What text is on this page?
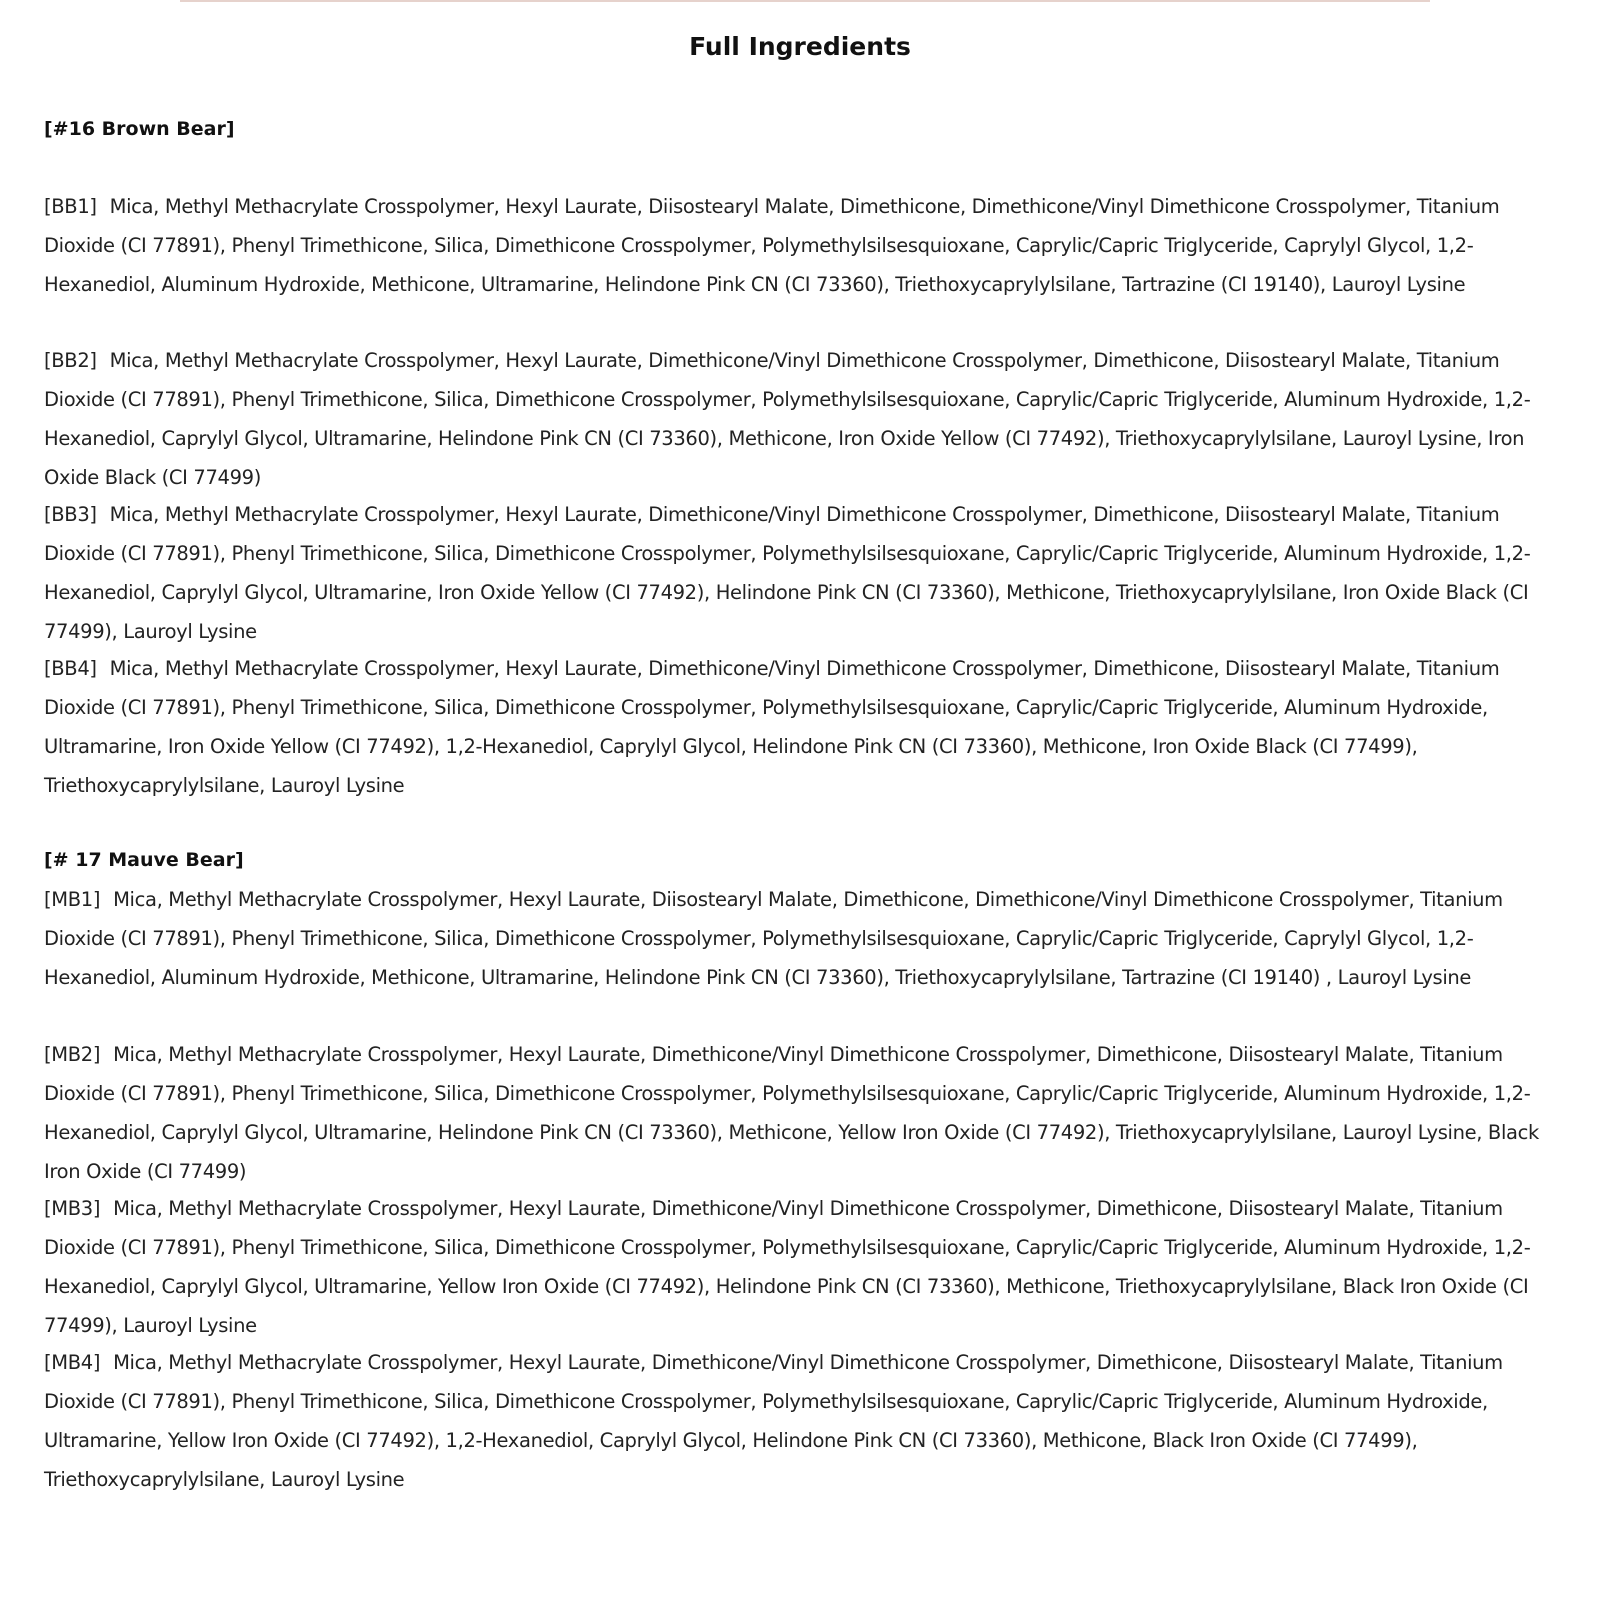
Full Ingredients
[#16 Brown Bear]

[BB1] Mica, Methyl Methacrylate Crosspolymer, Hexyl Laurate, Diisostearyl Malate, Dimethicone, Dimethicone/Vinyl Dimethicone Crosspolymer, Titanium Dioxide (CI 77891), Phenyl Trimethicone, Silica, Dimethicone Crosspolymer, Polymethylsilsesquioxane, Caprylic/Capric Triglyceride, Caprylyl Glycol, 1,2-Hexanediol, Aluminum Hydroxide, Methicone, Ultramarine, Helindone Pink CN (CI 73360), Triethoxycaprylylsilane, Tartrazine (CI 19140), Lauroyl Lysine

[BB2] Mica, Methyl Methacrylate Crosspolymer, Hexyl Laurate, Dimethicone/Vinyl Dimethicone Crosspolymer, Dimethicone, Diisostearyl Malate, Titanium Dioxide (CI 77891), Phenyl Trimethicone, Silica, Dimethicone Crosspolymer, Polymethylsilsesquioxane, Caprylic/Capric Triglyceride, Aluminum Hydroxide, 1,2-Hexanediol, Caprylyl Glycol, Ultramarine, Helindone Pink CN (CI 73360), Methicone, Iron Oxide Yellow (CI 77492), Triethoxycaprylylsilane, Lauroyl Lysine, Iron Oxide Black (CI 77499)

[BB3] Mica, Methyl Methacrylate Crosspolymer, Hexyl Laurate, Dimethicone/Vinyl Dimethicone Crosspolymer, Dimethicone, Diisostearyl Malate, Titanium Dioxide (CI 77891), Phenyl Trimethicone, Silica, Dimethicone Crosspolymer, Polymethylsilsesquioxane, Caprylic/Capric Triglyceride, Aluminum Hydroxide, 1,2-Hexanediol, Caprylyl Glycol, Ultramarine, Iron Oxide Yellow (CI 77492), Helindone Pink CN (CI 73360), Methicone, Triethoxycaprylylsilane, Iron Oxide Black (CI 77499), Lauroyl Lysine

[BB4] Mica, Methyl Methacrylate Crosspolymer, Hexyl Laurate, Dimethicone/Vinyl Dimethicone Crosspolymer, Dimethicone, Diisostearyl Malate, Titanium Dioxide (CI 77891), Phenyl Trimethicone, Silica, Dimethicone Crosspolymer, Polymethylsilsesquioxane, Caprylic/Capric Triglyceride, Aluminum Hydroxide, Ultramarine, Iron Oxide Yellow (CI 77492), 1,2-Hexanediol, Caprylyl Glycol, Helindone Pink CN (CI 73360), Methicone, Iron Oxide Black (CI 77499), Triethoxycaprylylsilane, Lauroyl Lysine

[# 17 Mauve Bear]

[MB1] Mica, Methyl Methacrylate Crosspolymer, Hexyl Laurate, Diisostearyl Malate, Dimethicone, Dimethicone/Vinyl Dimethicone Crosspolymer, Titanium Dioxide (CI 77891), Phenyl Trimethicone, Silica, Dimethicone Crosspolymer, Polymethylsilsesquioxane, Caprylic/Capric Triglyceride, Caprylyl Glycol, 1,2-Hexanediol, Aluminum Hydroxide, Methicone, Ultramarine, Helindone Pink CN (CI 73360), Triethoxycaprylylsilane, Tartrazine (CI 19140) , Lauroyl Lysine

[MB2] Mica, Methyl Methacrylate Crosspolymer, Hexyl Laurate, Dimethicone/Vinyl Dimethicone Crosspolymer, Dimethicone, Diisostearyl Malate, Titanium Dioxide (CI 77891), Phenyl Trimethicone, Silica, Dimethicone Crosspolymer, Polymethylsilsesquioxane, Caprylic/Capric Triglyceride, Aluminum Hydroxide, 1,2-Hexanediol, Caprylyl Glycol, Ultramarine, Helindone Pink CN (CI 73360), Methicone, Yellow Iron Oxide (CI 77492), Triethoxycaprylylsilane, Lauroyl Lysine, Black Iron Oxide (CI 77499)

[MB3] Mica, Methyl Methacrylate Crosspolymer, Hexyl Laurate, Dimethicone/Vinyl Dimethicone Crosspolymer, Dimethicone, Diisostearyl Malate, Titanium Dioxide (CI 77891), Phenyl Trimethicone, Silica, Dimethicone Crosspolymer, Polymethylsilsesquioxane, Caprylic/Capric Triglyceride, Aluminum Hydroxide, 1,2-Hexanediol, Caprylyl Glycol, Ultramarine, Yellow Iron Oxide (CI 77492), Helindone Pink CN (CI 73360), Methicone, Triethoxycaprylylsilane, Black Iron Oxide (CI 77499), Lauroyl Lysine

[MB4] Mica, Methyl Methacrylate Crosspolymer, Hexyl Laurate, Dimethicone/Vinyl Dimethicone Crosspolymer, Dimethicone, Diisostearyl Malate, Titanium Dioxide (CI 77891), Phenyl Trimethicone, Silica, Dimethicone Crosspolymer, Polymethylsilsesquioxane, Caprylic/Capric Triglyceride, Aluminum Hydroxide, Ultramarine, Yellow Iron Oxide (CI 77492), 1,2-Hexanediol, Caprylyl Glycol, Helindone Pink CN (CI 73360), Methicone, Black Iron Oxide (CI 77499), Triethoxycaprylylsilane, Lauroyl Lysine
